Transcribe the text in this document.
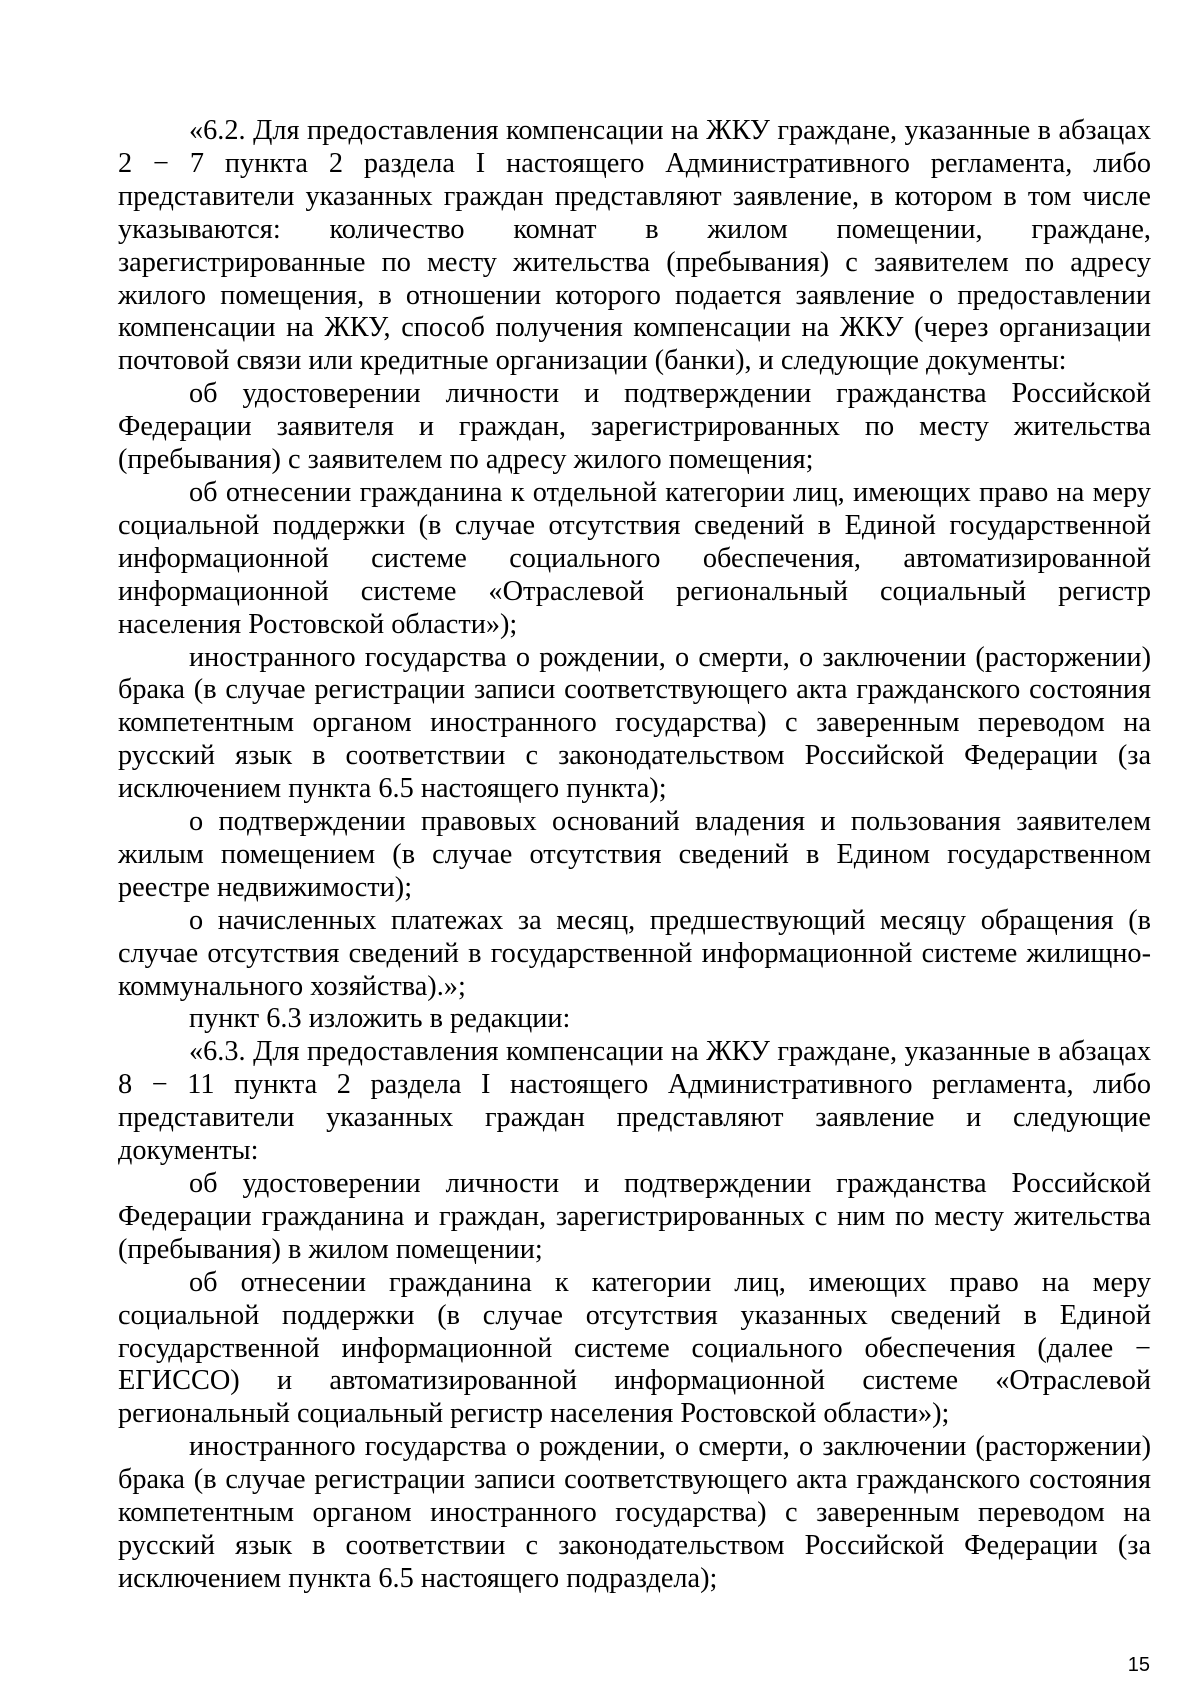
«6.2. Для предоставления компенсации на ЖКУ граждане, указанные в абзацах 2 − 7 пункта 2 раздела I настоящего Административного регламента, либо представители указанных граждан представляют заявление, в котором в том числе указываются: количество комнат в жилом помещении, граждане, зарегистрированные по месту жительства (пребывания) с заявителем по адресу жилого помещения, в отношении которого подается заявление о предоставлении компенсации на ЖКУ, способ получения компенсации на ЖКУ (через организации почтовой связи или кредитные организации (банки), и следующие документы:

об удостоверении личности и подтверждении гражданства Российской Федерации заявителя и граждан, зарегистрированных по месту жительства (пребывания) с заявителем по адресу жилого помещения;

об отнесении гражданина к отдельной категории лиц, имеющих право на меру социальной поддержки (в случае отсутствия сведений в Единой государственной информационной системе социального обеспечения, автоматизированной информационной системе «Отраслевой региональный социальный регистр населения Ростовской области»);

иностранного государства о рождении, о смерти, о заключении (расторжении) брака (в случае регистрации записи соответствующего акта гражданского состояния компетентным органом иностранного государства) с заверенным переводом на русский язык в соответствии с законодательством Российской Федерации (за исключением пункта 6.5 настоящего пункта);

о подтверждении правовых оснований владения и пользования заявителем жилым помещением (в случае отсутствия сведений в Едином государственном реестре недвижимости);

о начисленных платежах за месяц, предшествующий месяцу обращения (в случае отсутствия сведений в государственной информационной системе жилищно-коммунального хозяйства).»;

пункт 6.3 изложить в редакции:

«6.3. Для предоставления компенсации на ЖКУ граждане, указанные в абзацах 8 − 11 пункта 2 раздела I настоящего Административного регламента, либо представители указанных граждан представляют заявление и следующие документы:

об удостоверении личности и подтверждении гражданства Российской Федерации гражданина и граждан, зарегистрированных с ним по месту жительства (пребывания) в жилом помещении;

об отнесении гражданина к категории лиц, имеющих право на меру социальной поддержки (в случае отсутствия указанных сведений в Единой государственной информационной системе социального обеспечения (далее − ЕГИССО) и автоматизированной информационной системе «Отраслевой региональный социальный регистр населения Ростовской области»);

иностранного государства о рождении, о смерти, о заключении (расторжении) брака (в случае регистрации записи соответствующего акта гражданского состояния компетентным органом иностранного государства) с заверенным переводом на русский язык в соответствии с законодательством Российской Федерации (за исключением пункта 6.5 настоящего подраздела);

15
